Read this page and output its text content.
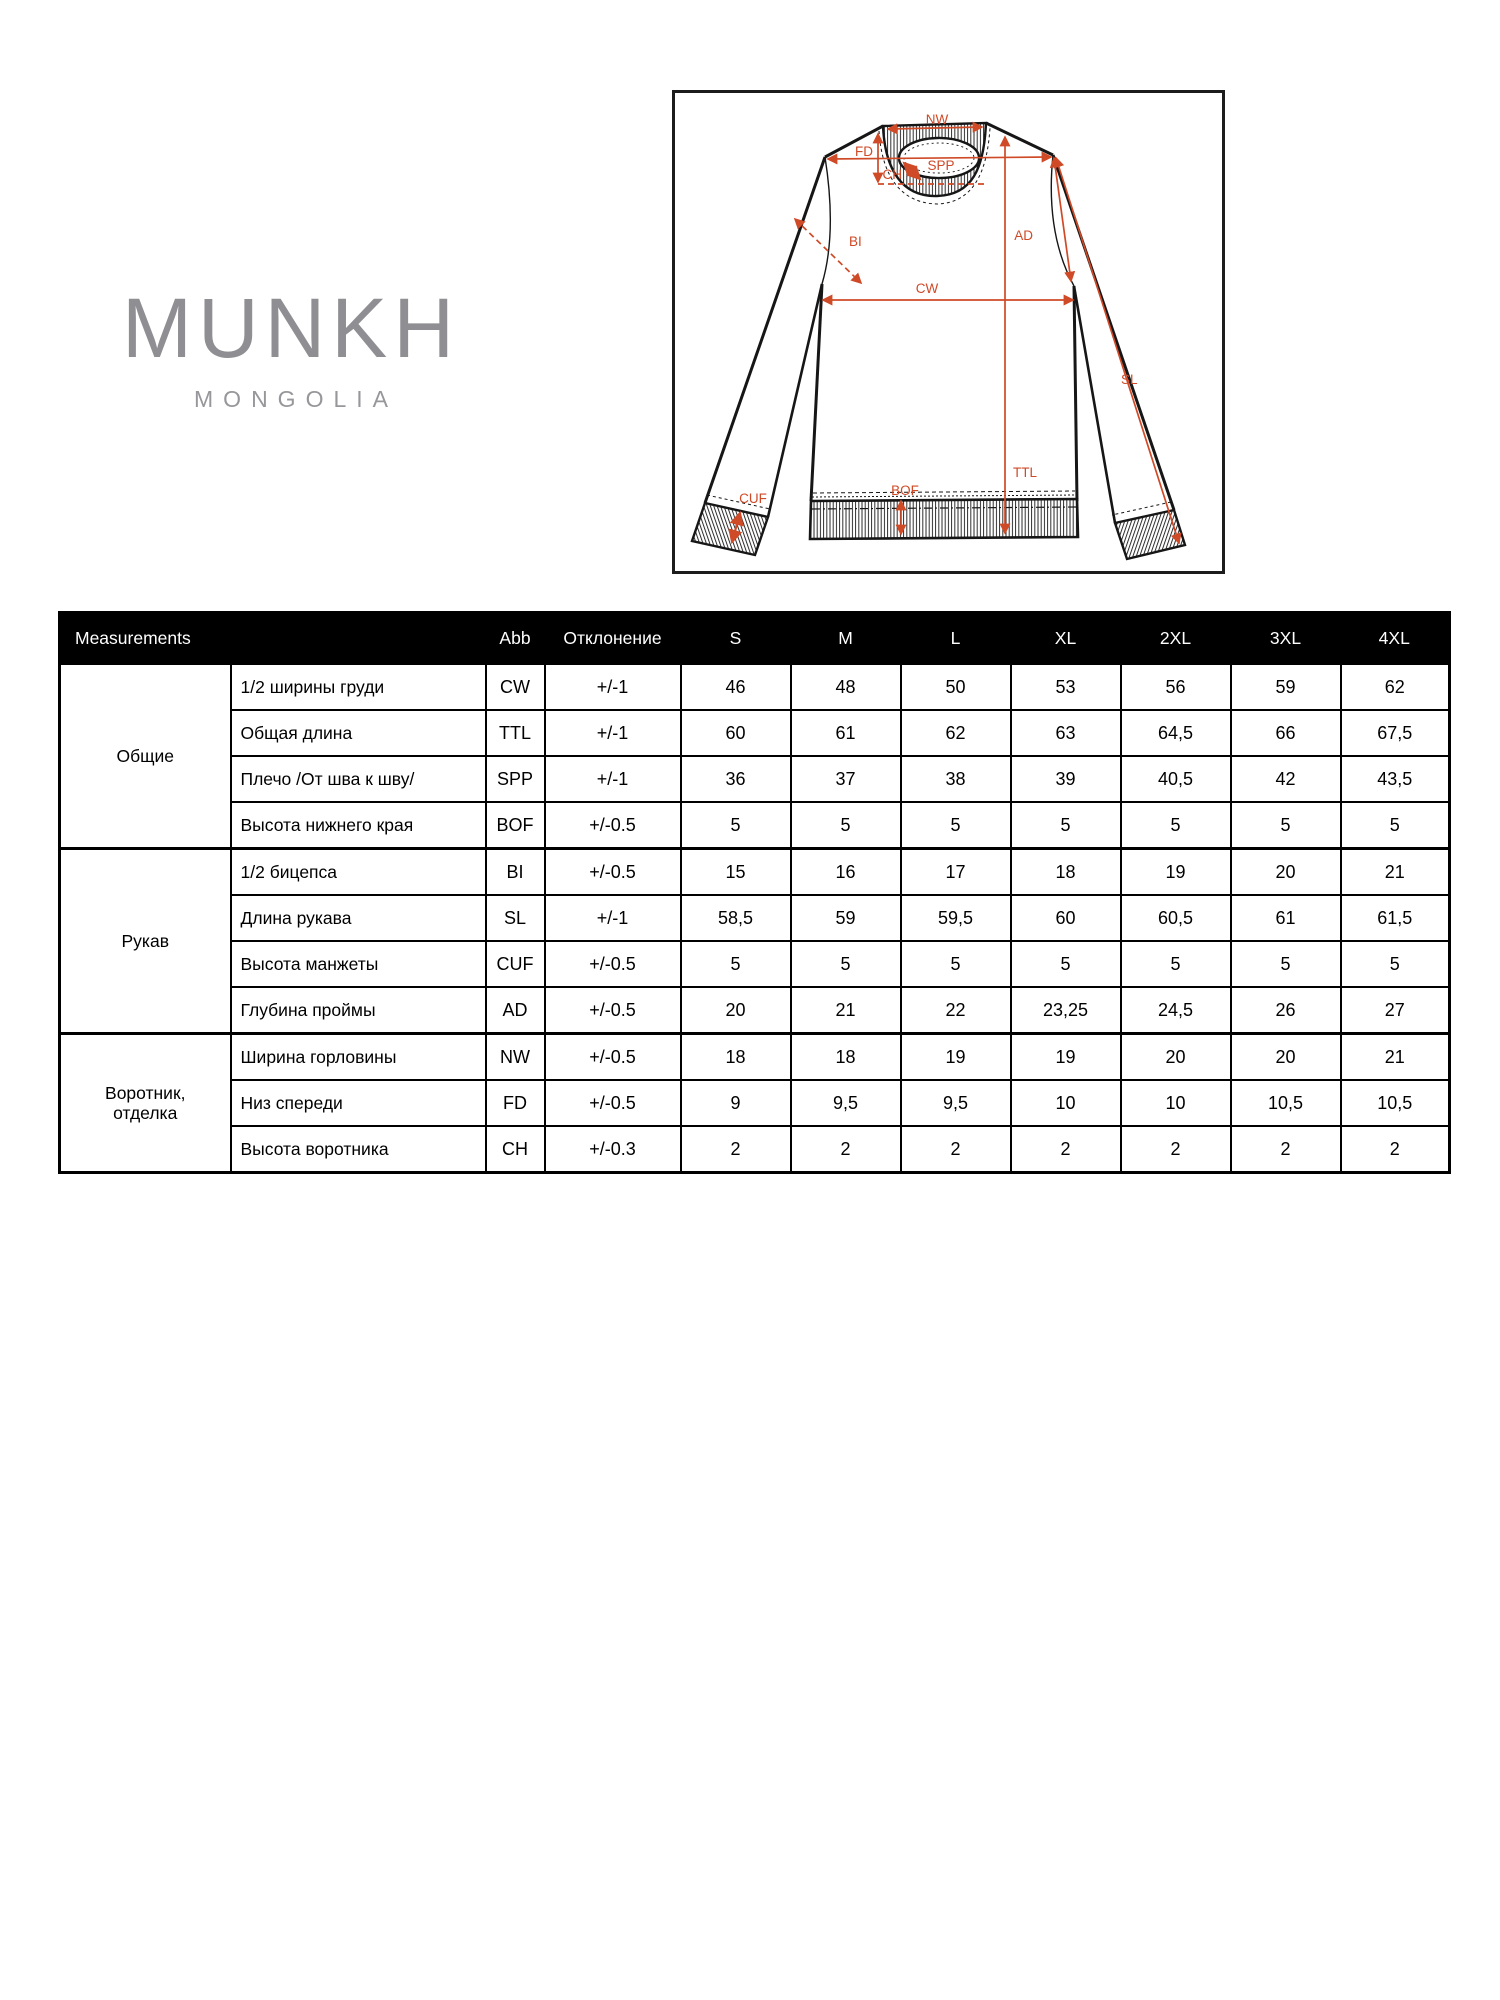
MUNKH
MONGOLIA
NW
FD
SPP
CH
BI	AD
CW
SL
TTL
BOF
CUF
Measurements		Abb	Отклонение	S	M	L	XL	2XL	3XL	4XL
Общие	1/2 ширины груди	CW	+/-1	46	48	50	53	56	59	62
	Общая длина	TTL	+/-1	60	61	62	63	64,5	66	67,5
	Плечо /От шва к шву/	SPP	+/-1	36	37	38	39	40,5	42	43,5
	Высота нижнего края	BOF	+/-0.5	5	5	5	5	5	5	5
Рукав	1/2 бицепса	BI	+/-0.5	15	16	17	18	19	20	21
	Длина рукава	SL	+/-1	58,5	59	59,5	60	60,5	61	61,5
	Высота манжеты	CUF	+/-0.5	5	5	5	5	5	5	5
	Глубина проймы	AD	+/-0.5	20	21	22	23,25	24,5	26	27
Воротник, отделка	Ширина горловины	NW	+/-0.5	18	18	19	19	20	20	21
	Низ спереди	FD	+/-0.5	9	9,5	9,5	10	10	10,5	10,5
	Высота воротника	CH	+/-0.3	2	2	2	2	2	2	2
